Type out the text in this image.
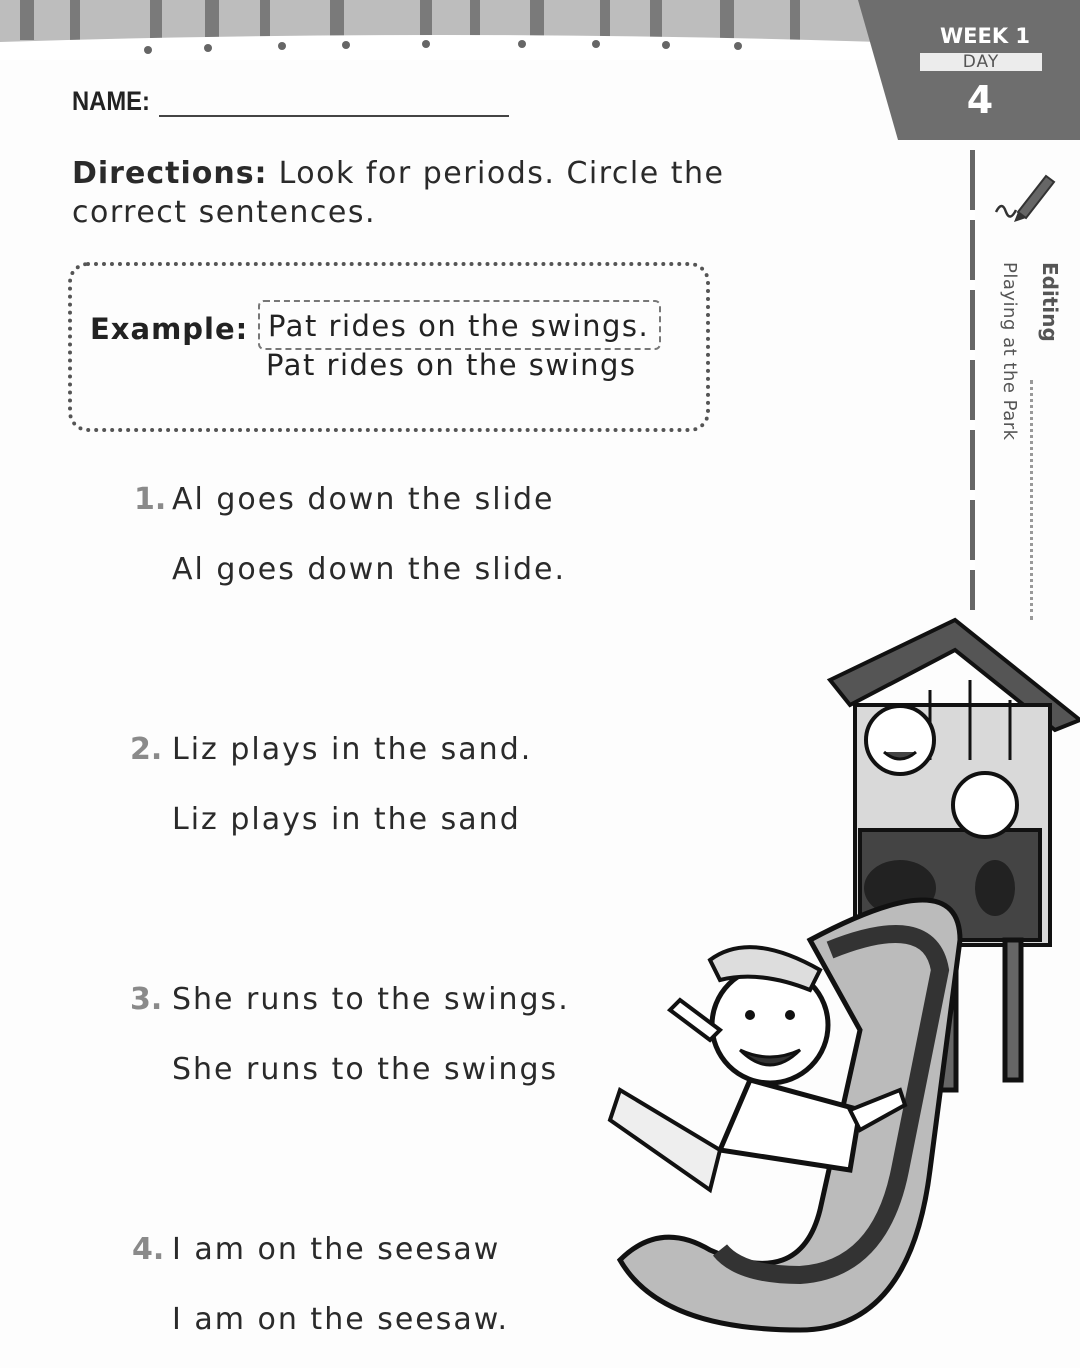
WEEK 1
DAY
4
Editing
Playing at the Park
NAME:
Directions: Look for periods. Circle the correct sentences.
Example: Pat rides on the swings.
Pat rides on the swings
1. Al goes down the slide
Al goes down the slide.
2. Liz plays in the sand.
Liz plays in the sand
3. She runs to the swings.
She runs to the swings
4. I am on the seesaw
I am on the seesaw.
